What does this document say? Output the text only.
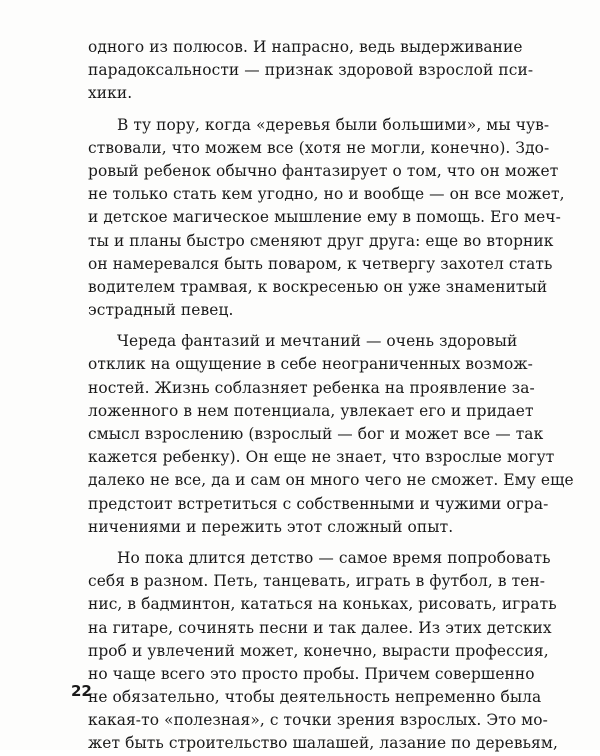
одного из полюсов. И напрасно, ведь выдерживание
парадоксальности — признак здоровой взрослой пси-
хики.
В ту пору, когда «деревья были большими», мы чув-
ствовали, что можем все (хотя не могли, конечно). Здо-
ровый ребенок обычно фантазирует о том, что он может
не только стать кем угодно, но и вообще — он все может,
и детское магическое мышление ему в помощь. Его меч-
ты и планы быстро сменяют друг друга: еще во вторник
он намеревался быть поваром, к четвергу захотел стать
водителем трамвая, к воскресенью он уже знаменитый
эстрадный певец.
Череда фантазий и мечтаний — очень здоровый
отклик на ощущение в себе неограниченных возмож-
ностей. Жизнь соблазняет ребенка на проявление за-
ложенного в нем потенциала, увлекает его и придает
смысл взрослению (взрослый — бог и может все — так
кажется ребенку). Он еще не знает, что взрослые могут
далеко не все, да и сам он много чего не сможет. Ему еще
предстоит встретиться с собственными и чужими огра-
ничениями и пережить этот сложный опыт.
Но пока длится детство — самое время попробовать
себя в разном. Петь, танцевать, играть в футбол, в тен-
нис, в бадминтон, кататься на коньках, рисовать, играть
на гитаре, сочинять песни и так далее. Из этих детских
проб и увлечений может, конечно, вырасти профессия,
но чаще всего это просто пробы. Причем совершенно
не обязательно, чтобы деятельность непременно была
какая-то «полезная», с точки зрения взрослых. Это мо-
жет быть строительство шалашей, лазание по деревьям,
22
